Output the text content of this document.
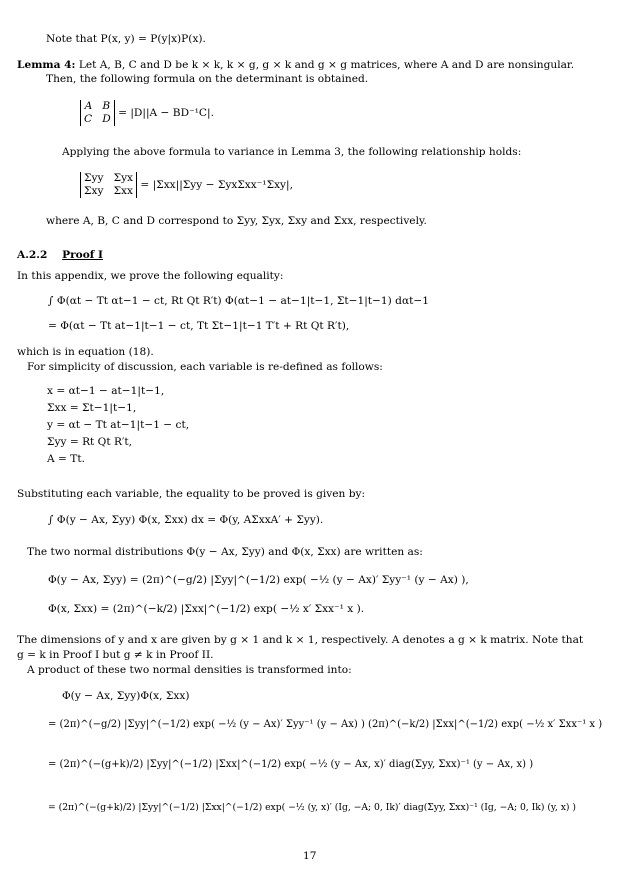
Note that P(x, y) = P(y|x)P(x).
Lemma 4: Let A, B, C and D be k × k, k × g, g × k and g × g matrices, where A and D are nonsingular.
Then, the following formula on the determinant is obtained.
A B
C D = |D||A − BD⁻¹C|.
Applying the above formula to variance in Lemma 3, the following relationship holds:
Σyy Σyx
Σxy Σxx = |Σxx||Σyy − ΣyxΣxx⁻¹Σxy|,
where A, B, C and D correspond to Σyy, Σyx, Σxy and Σxx, respectively.
A.2.2 Proof I
In this appendix, we prove the following equality:
∫ Φ(αt − Tt αt−1 − ct, Rt Qt R′t) Φ(αt−1 − at−1|t−1, Σt−1|t−1) dαt−1
= Φ(αt − Tt at−1|t−1 − ct, Tt Σt−1|t−1 T′t + Rt Qt R′t),
which is in equation (18).
For simplicity of discussion, each variable is re-defined as follows:
x = αt−1 − at−1|t−1,
Σxx = Σt−1|t−1,
y = αt − Tt at−1|t−1 − ct,
Σyy = Rt Qt R′t,
A = Tt.
Substituting each variable, the equality to be proved is given by:
∫ Φ(y − Ax, Σyy) Φ(x, Σxx) dx = Φ(y, AΣxxA′ + Σyy).
The two normal distributions Φ(y − Ax, Σyy) and Φ(x, Σxx) are written as:
Φ(y − Ax, Σyy) = (2π)^(−g/2) |Σyy|^(−1/2) exp( −½ (y − Ax)′ Σyy⁻¹ (y − Ax) ),
Φ(x, Σxx) = (2π)^(−k/2) |Σxx|^(−1/2) exp( −½ x′ Σxx⁻¹ x ).
The dimensions of y and x are given by g × 1 and k × 1, respectively. A denotes a g × k matrix. Note that
g = k in Proof I but g ≠ k in Proof II.
A product of these two normal densities is transformed into:
Φ(y − Ax, Σyy)Φ(x, Σxx)
= (2π)^(−g/2) |Σyy|^(−1/2) exp( −½ (y − Ax)′ Σyy⁻¹ (y − Ax) ) (2π)^(−k/2) |Σxx|^(−1/2) exp( −½ x′ Σxx⁻¹ x )
= (2π)^(−(g+k)/2) |Σyy|^(−1/2) |Σxx|^(−1/2) exp( −½ (y − Ax, x)′ diag(Σyy, Σxx)⁻¹ (y − Ax, x) )
= (2π)^(−(g+k)/2) |Σyy|^(−1/2) |Σxx|^(−1/2) exp( −½ (y, x)′ (Ig, −A; 0, Ik)′ diag(Σyy, Σxx)⁻¹ (Ig, −A; 0, Ik) (y, x) )
17
